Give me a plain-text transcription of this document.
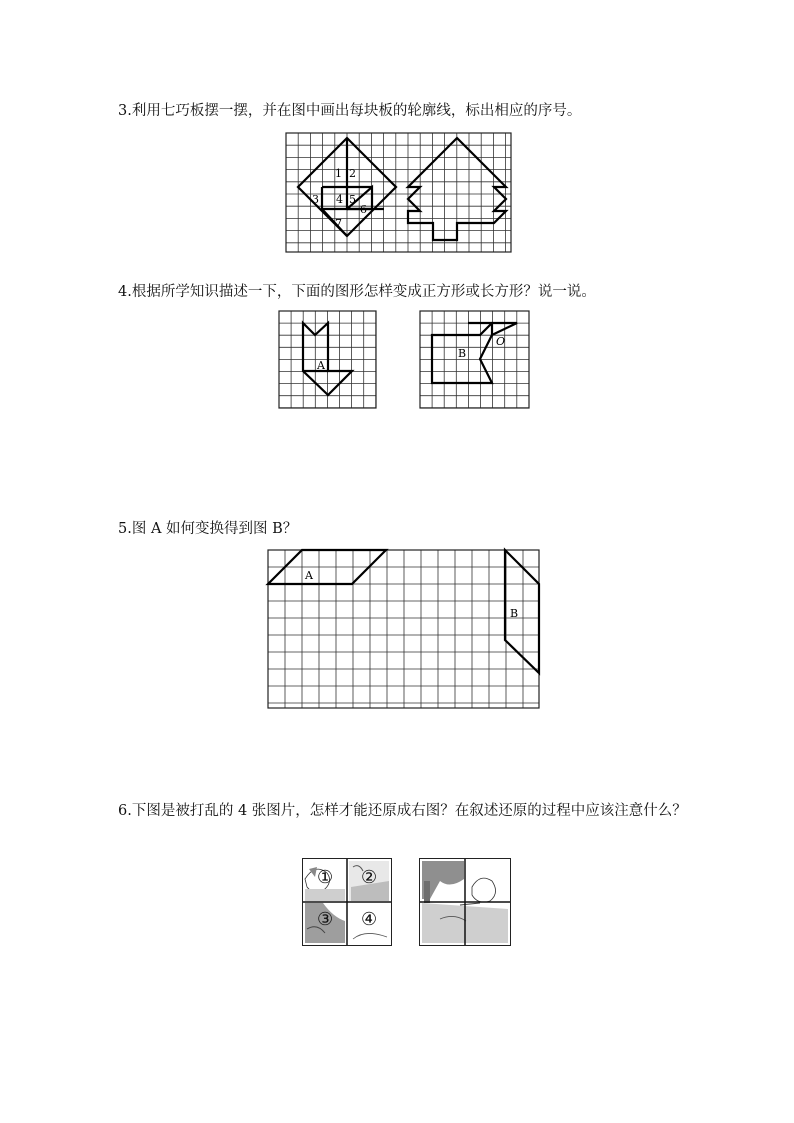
3.利用七巧板摆一摆，并在图中画出每块板的轮廓线，标出相应的序号。
1 2
3 4 5
6
7
4.根据所学知识描述一下，下面的图形怎样变成正方形或长方形？说一说。
A
B
O
5.图 A 如何变换得到图 B？
A
B
6.下图是被打乱的 4 张图片，怎样才能还原成右图？在叙述还原的过程中应该注意什么？
① ②
③ ④
